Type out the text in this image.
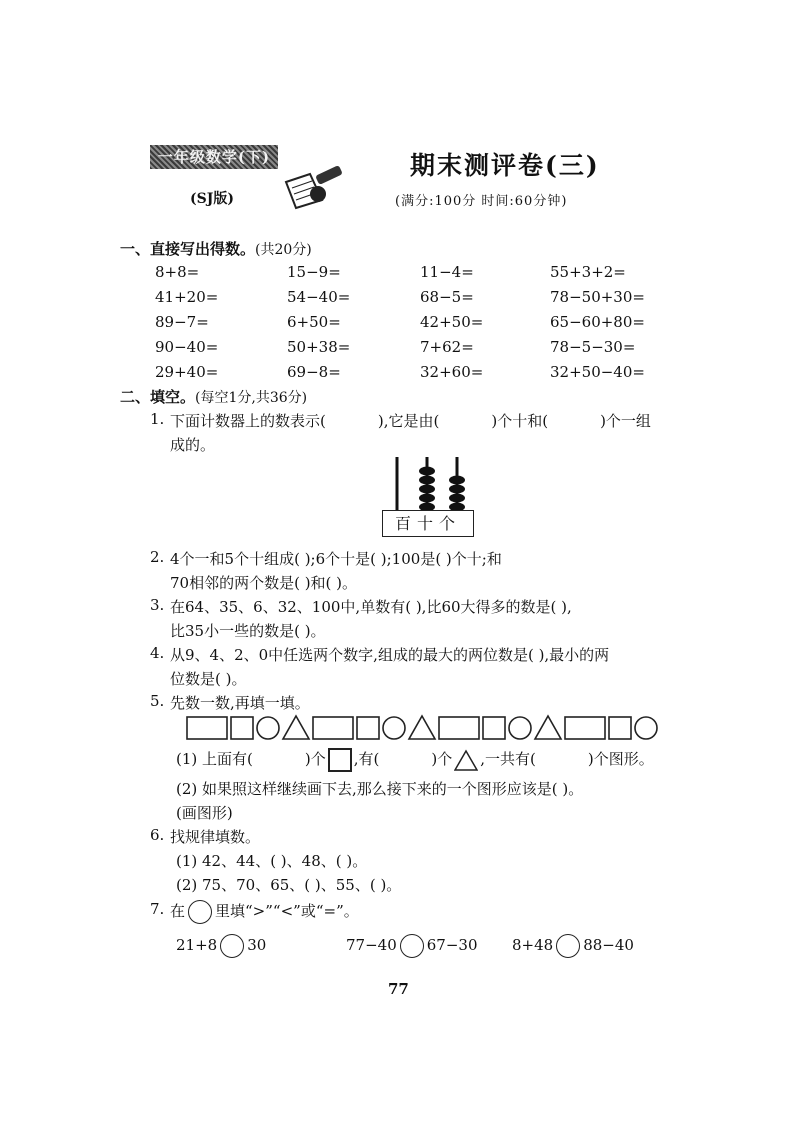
一年级数学(下)
(SJ版)
期末测评卷(三)
(满分:100分 时间:60分钟)
一、直接写出得数。(共20分)
8+8=	15−9=	11−4=	55+3+2=
41+20=	54−40=	68−5=	78−50+30=
89−7=	6+50=	42+50=	65−60+80=
90−40=	50+38=	7+62=	78−5−30=
29+40=	69−8=	32+60=	32+50−40=
二、填空。(每空1分,共36分)
1. 下面计数器上的数表示(	),它是由(	)个十和(	)个一组
成的。
百十个
2. 4个一和5个十组成( );6个十是( );100是( )个十;和
70相邻的两个数是( )和( )。
3. 在64、35、6、32、100中,单数有( ),比60大得多的数是( ),
比35小一些的数是( )。
4. 从9、4、2、0中任选两个数字,组成的最大的两位数是( ),最小的两
位数是( )。
5. 先数一数,再填一填。
(1) 上面有(	)个 ,有(	)个 ,一共有(	)个图形。
(2) 如果照这样继续画下去,那么接下来的一个图形应该是( )。
(画图形)
6. 找规律填数。
(1) 42、44、( )、48、( )。
(2) 75、70、65、( )、55、( )。
7. 在 里填“>”“<”或“=”。
21+8 30	77−40 67−30 8+48 88−40
77
